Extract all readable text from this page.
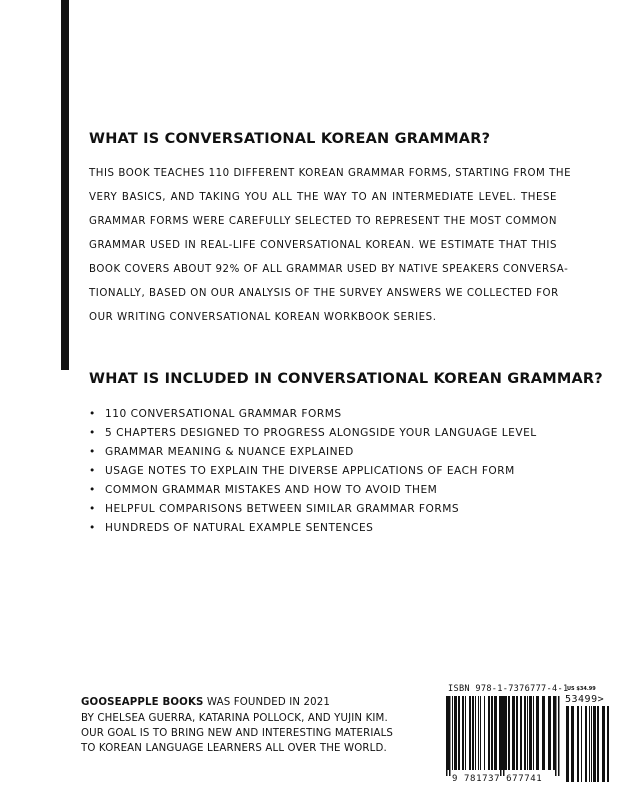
WHAT IS CONVERSATIONAL KOREAN GRAMMAR?
THIS BOOK TEACHES 110 DIFFERENT KOREAN GRAMMAR FORMS, STARTING FROM THE
VERY BASICS, AND TAKING YOU ALL THE WAY TO AN INTERMEDIATE LEVEL. THESE
GRAMMAR FORMS WERE CAREFULLY SELECTED TO REPRESENT THE MOST COMMON
GRAMMAR USED IN REAL-LIFE CONVERSATIONAL KOREAN. WE ESTIMATE THAT THIS
BOOK COVERS ABOUT 92% OF ALL GRAMMAR USED BY NATIVE SPEAKERS CONVERSA-
TIONALLY, BASED ON OUR ANALYSIS OF THE SURVEY ANSWERS WE COLLECTED FOR
OUR WRITING CONVERSATIONAL KOREAN WORKBOOK SERIES.
WHAT IS INCLUDED IN CONVERSATIONAL KOREAN GRAMMAR?
• 110 CONVERSATIONAL GRAMMAR FORMS
• 5 CHAPTERS DESIGNED TO PROGRESS ALONGSIDE YOUR LANGUAGE LEVEL
• GRAMMAR MEANING & NUANCE EXPLAINED
• USAGE NOTES TO EXPLAIN THE DIVERSE APPLICATIONS OF EACH FORM
• COMMON GRAMMAR MISTAKES AND HOW TO AVOID THEM
• HELPFUL COMPARISONS BETWEEN SIMILAR GRAMMAR FORMS
• HUNDREDS OF NATURAL EXAMPLE SENTENCES
GOOSEAPPLE BOOKS WAS FOUNDED IN 2021
BY CHELSEA GUERRA, KATARINA POLLOCK, AND YUJIN KIM.
OUR GOAL IS TO BRING NEW AND INTERESTING MATERIALS
TO KOREAN LANGUAGE LEARNERS ALL OVER THE WORLD.
ISBN 978-1-7376777-4-1
US $34.99
53499>
9 781737 677741
